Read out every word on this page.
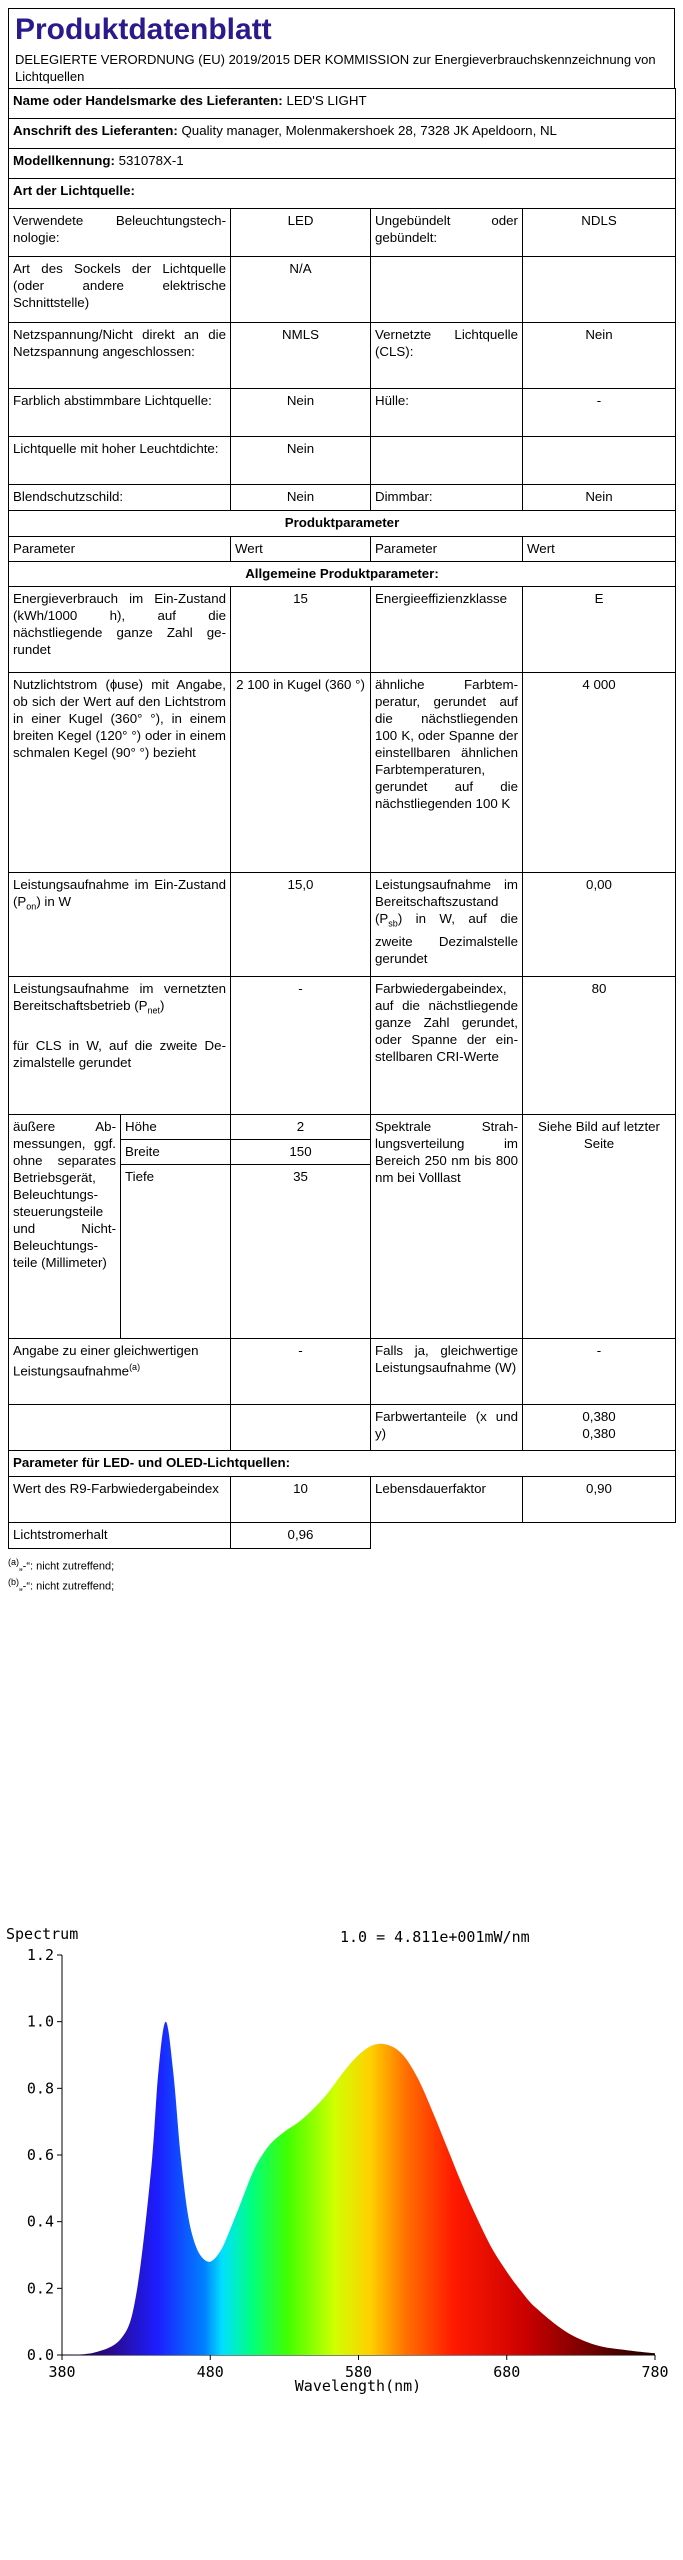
Produktdatenblatt
DELEGIERTE VERORDNUNG (EU) 2019/2015 DER KOMMISSION zur Energieverbrauchskennzeichnung von Lichtquellen
Name oder Handelsmarke des Lieferanten: LED'S LIGHT				
Anschrift des Lieferanten: Quality manager, Molenmakershoek 28, 7328 JK Apeldoorn, NL				
Modellkennung: 531078X-1				
Art der Lichtquelle:				
Verwendete Beleuchtungstechnologie:		LED	Ungebündelt oder gebündelt:	NDLS
Art des Sockels der Lichtquelle (oder andere elektrische Schnittstelle)		N/A		
Netzspannung/Nicht direkt an die Netzspannung angeschlossen:		NMLS	Vernetzte Lichtquelle (CLS):	Nein
Farblich abstimmbare Lichtquelle:		Nein	Hülle:	-
Lichtquelle mit hoher Leuchtdichte:		Nein		
Blendschutzschild:		Nein	Dimmbar:	Nein
Produktparameter				
Parameter		Wert	Parameter	Wert
Allgemeine Produktparameter:				
Energieverbrauch im Ein-Zustand (kWh/1000 h), auf die nächstliegende ganze Zahl gerundet		15	Energieeffizienzklasse	E
Nutzlichtstrom (ɸuse) mit Angabe, ob sich der Wert auf den Lichtstrom in einer Kugel (360° °), in einem breiten Kegel (120° °) oder in einem schmalen Kegel (90° °) bezieht		2 100 in Kugel (360 °)	ähnliche Farbtemperatur, gerundet auf die nächstliegenden 100 K, oder Spanne der einstellbaren ähnlichen Farbtemperaturen, gerundet auf die nächstliegenden 100 K	4 000
Leistungsaufnahme im Ein-Zustand $(P_{on})$ in W		15,0	Leistungsaufnahme im Bereitschaftszustand $(P_{sb})$ in W, auf die zweite Dezimalstelle gerundet	0,00
Leistungsaufnahme im vernetzten Bereitschaftsbetrieb $(P_{net})$

für CLS in W, auf die zweite Dezimalstelle gerundet		-	Farbwiedergabeindex, auf die nächstliegende ganze Zahl gerundet, oder Spanne der einstellbaren CRI-Werte	80
äußere Abmessungen, ggf. ohne separates Betriebsgerät, Beleuchtungssteuerungsteile und Nicht-Beleuchtungsteile (Millimeter)	Höhe	2	Spektrale Strahlungsverteilung im Bereich 250 nm bis 800 nm bei Volllast	Siehe Bild auf letzter Seite
	Breite	150		
	Tiefe	35		
Angabe zu einer gleichwertigen Leistungsaufnahme$^{(a)}$		-	Falls ja, gleichwertige Leistungsaufnahme (W)	-
			Farbwertanteile (x und y)	0,380
0,380
Parameter für LED- und OLED-Lichtquellen:				
Wert des R9-Farbwiedergabeindex		10	Lebensdauerfaktor	0,90
Lichtstromerhalt		0,96		
$^{(a)}$„-“: nicht zutreffend;
$^{(b)}$„-“: nicht zutreffend;
Spectrum	1.0 = 4.811e+001mW/nm
0.0
0.2
0.4
0.6
0.8
1.0
1.2
380	480	580	680	780
Wavelength(nm)
